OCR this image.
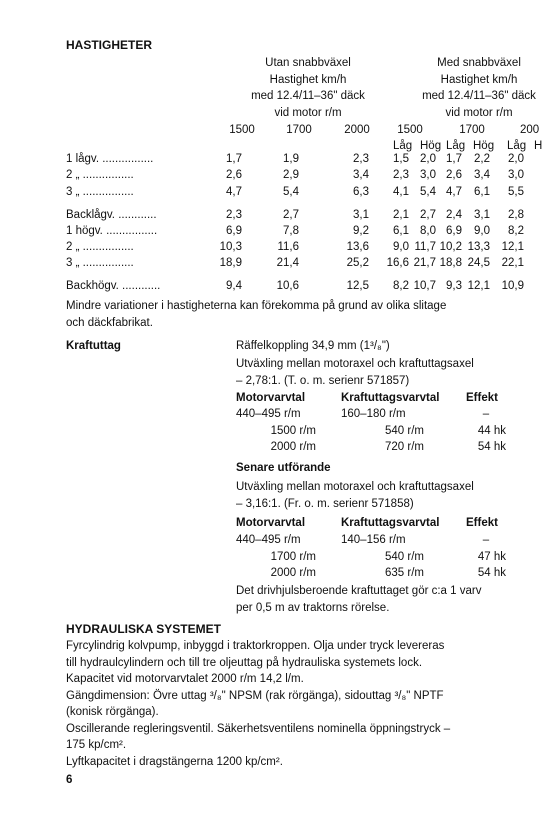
HASTIGHETER
Utan snabbväxel
Hastighet km/h
med 12.4/11–36" däck
vid motor r/m
Med snabbväxel
Hastighet km/h
med 12.4/11–36" däck
vid motor r/m
1500	1700	2000	1500	1700	200
Låg Hög Låg Hög Låg H
1 lågv. ................	1,7	1,9	2,3	1,5 2,0 1,7	2,2	2,0
2 „ ................	2,6	2,9	3,4	2,3 3,0 2,6	3,4	3,0
3 „ ................	4,7	5,4	6,3	4,1 5,4 4,7	6,1	5,5
Backlågv. ............	2,3	2,7	3,1	2,1 2,7 2,4	3,1	2,8
1 högv. ................	6,9	7,8	9,2	6,1 8,0 6,9	9,0	8,2
2 „ ................	10,3	11,6	13,6	9,0 11,7 10,2 13,3	12,1
3 „ ................	18,9	21,4	25,2	16,6 21,7 18,8 24,5	22,1
Backhögv. ............	9,4	10,6	12,5	8,2 10,7 9,3 12,1	10,9
Mindre variationer i hastigheterna kan förekomma på grund av olika slitage
och däckfabrikat.
Kraftuttag	Räffelkoppling 34,9 mm (1³/₈")
Utväxling mellan motoraxel och kraftuttagsaxel
– 2,78:1. (T. o. m. serienr 571857)
Motorvarvtal	Kraftuttagsvarvtal Effekt
440–495 r/m	160–180 r/m	–
1500 r/m	540 r/m	44 hk
2000 r/m	720 r/m	54 hk
Senare utförande
Utväxling mellan motoraxel och kraftuttagsaxel
– 3,16:1. (Fr. o. m. serienr 571858)
Motorvarvtal	Kraftuttagsvarvtal Effekt
440–495 r/m	140–156 r/m	–
1700 r/m	540 r/m	47 hk
2000 r/m	635 r/m	54 hk
Det drivhjulsberoende kraftuttaget gör c:a 1 varv
per 0,5 m av traktorns rörelse.
HYDRAULISKA SYSTEMET
Fyrcylindrig kolvpump, inbyggd i traktorkroppen. Olja under tryck levereras
till hydraulcylindern och till tre oljeuttag på hydrauliska systemets lock.
Kapacitet vid motorvarvtalet 2000 r/m 14,2 l/m.
Gängdimension: Övre uttag ³/₈" NPSM (rak rörgänga), sidouttag ³/₈" NPTF
(konisk rörgänga).
Oscillerande regleringsventil. Säkerhetsventilens nominella öppningstryck –
175 kp/cm².
Lyftkapacitet i dragstängerna 1200 kp/cm².
6
